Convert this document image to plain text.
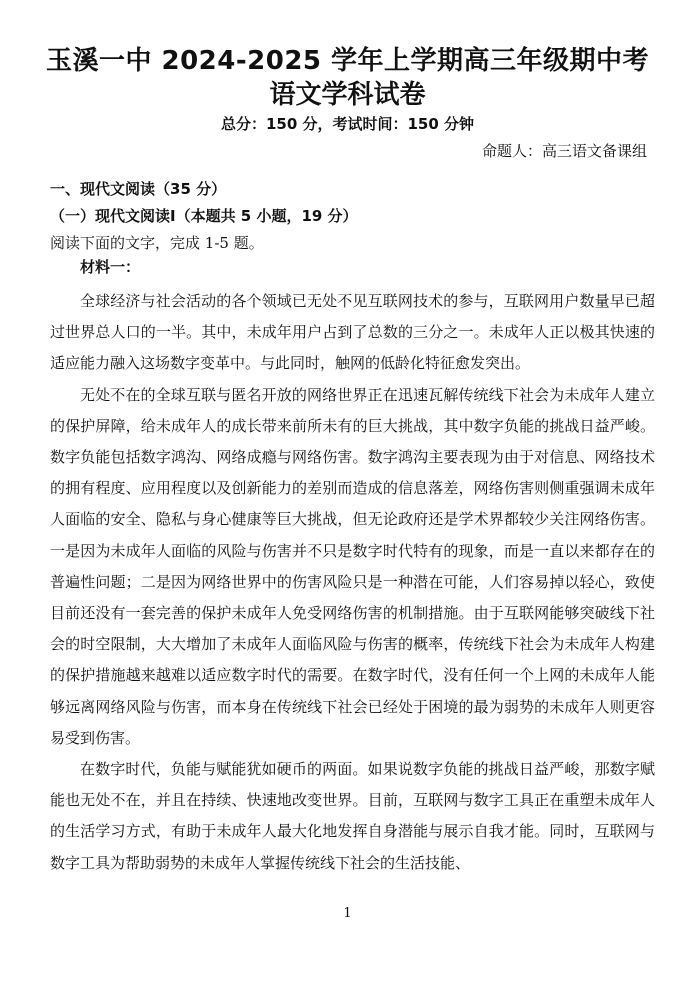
玉溪一中 2024-2025 学年上学期高三年级期中考
语文学科试卷
总分：150 分，考试时间：150 分钟
命题人：高三语文备课组
一、现代文阅读（35 分）
（一）现代文阅读Ⅰ（本题共 5 小题，19 分）
阅读下面的文字，完成 1-5 题。
材料一：

全球经济与社会活动的各个领域已无处不见互联网技术的参与，互联网用户数量早已超过世界总人口的一半。其中，未成年用户占到了总数的三分之一。未成年人正以极其快速的适应能力融入这场数字变革中。与此同时，触网的低龄化特征愈发突出。

无处不在的全球互联与匿名开放的网络世界正在迅速瓦解传统线下社会为未成年人建立的保护屏障，给未成年人的成长带来前所未有的巨大挑战，其中数字负能的挑战日益严峻。数字负能包括数字鸿沟、网络成瘾与网络伤害。数字鸿沟主要表现为由于对信息、网络技术的拥有程度、应用程度以及创新能力的差别而造成的信息落差，网络伤害则侧重强调未成年人面临的安全、隐私与身心健康等巨大挑战，但无论政府还是学术界都较少关注网络伤害。一是因为未成年人面临的风险与伤害并不只是数字时代特有的现象，而是一直以来都存在的普遍性问题；二是因为网络世界中的伤害风险只是一种潜在可能，人们容易掉以轻心，致使目前还没有一套完善的保护未成年人免受网络伤害的机制措施。由于互联网能够突破线下社会的时空限制，大大增加了未成年人面临风险与伤害的概率，传统线下社会为未成年人构建的保护措施越来越难以适应数字时代的需要。在数字时代，没有任何一个上网的未成年人能够远离网络风险与伤害，而本身在传统线下社会已经处于困境的最为弱势的未成年人则更容易受到伤害。

在数字时代，负能与赋能犹如硬币的两面。如果说数字负能的挑战日益严峻，那数字赋能也无处不在，并且在持续、快速地改变世界。目前，互联网与数字工具正在重塑未成年人的生活学习方式，有助于未成年人最大化地发挥自身潜能与展示自我才能。同时，互联网与数字工具为帮助弱势的未成年人掌握传统线下社会的生活技能、

1
